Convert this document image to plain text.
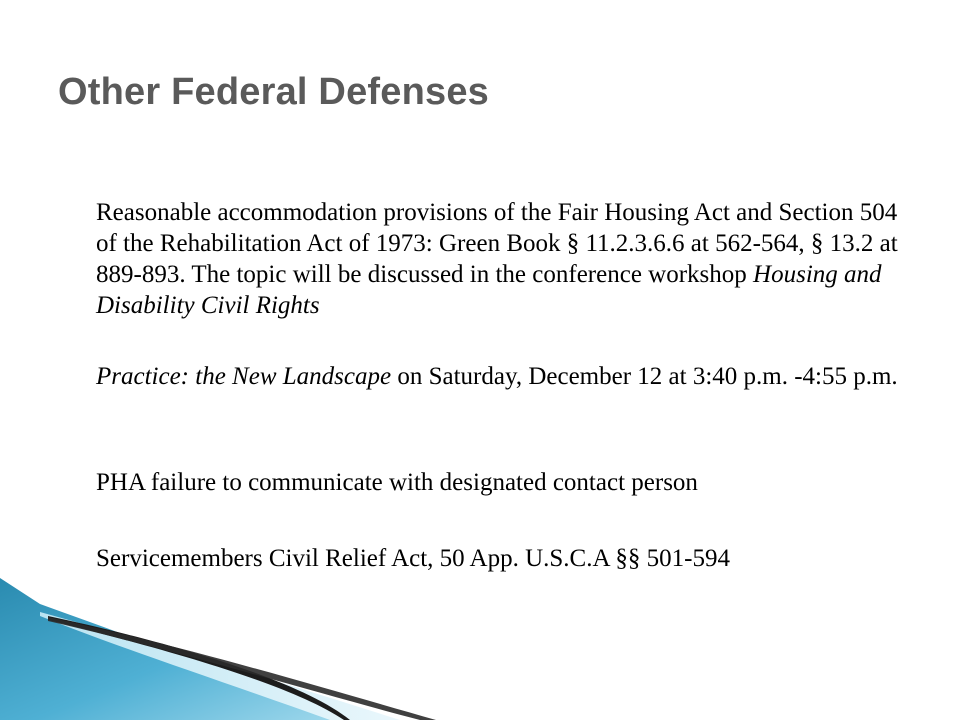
Other Federal Defenses

Reasonable accommodation provisions of the Fair Housing Act and Section 504 of the Rehabilitation Act of 1973: Green Book § 11.2.3.6.6 at 562-564, § 13.2 at 889-893. The topic will be discussed in the conference workshop Housing and Disability Civil Rights

Practice: the New Landscape on Saturday, December 12 at 3:40 p.m. -4:55 p.m.

PHA failure to communicate with designated contact person

Servicemembers Civil Relief Act, 50 App. U.S.C.A §§ 501-594
